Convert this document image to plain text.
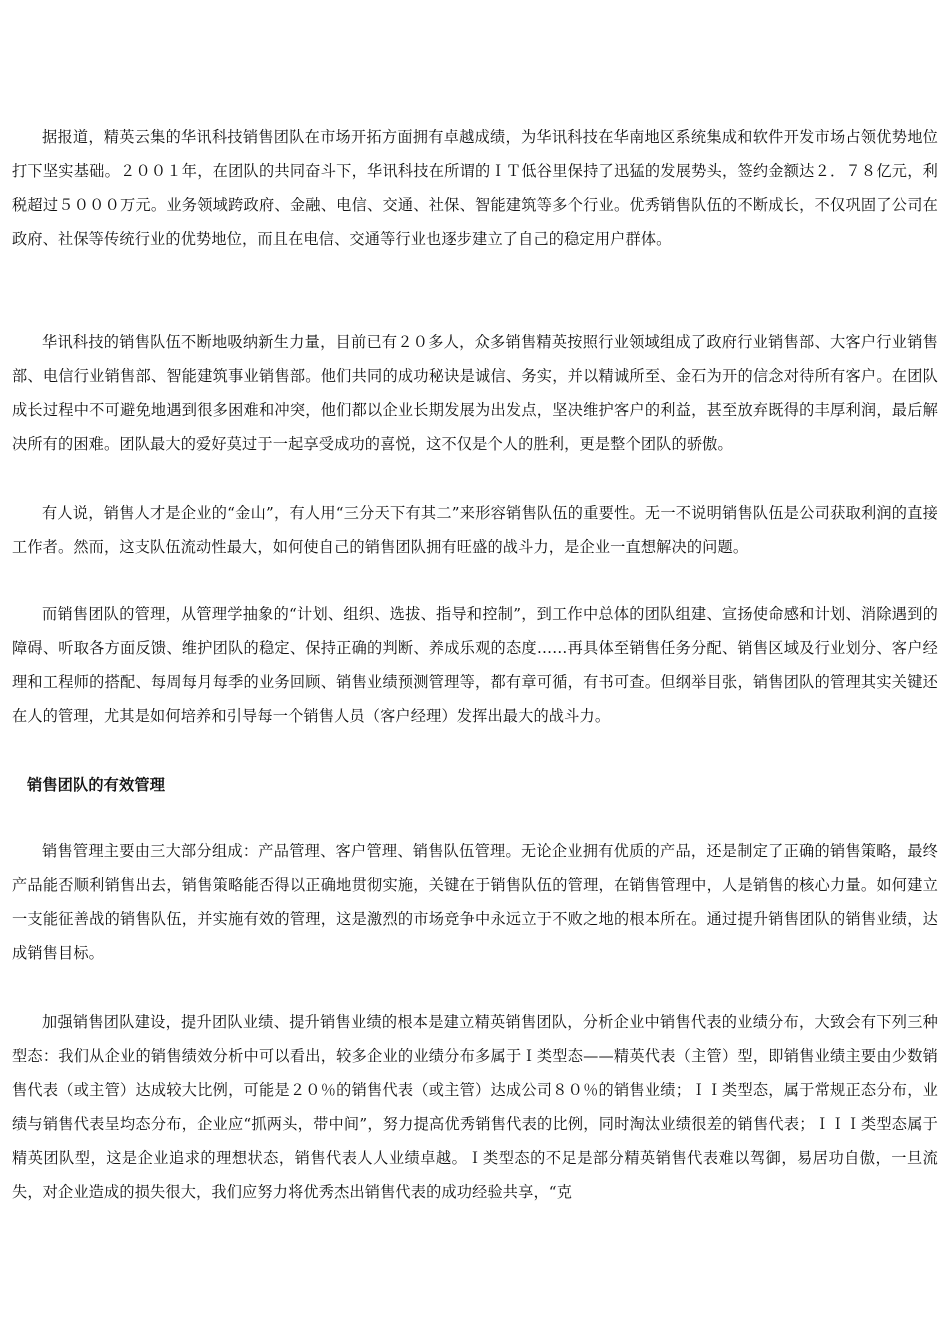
据报道，精英云集的华讯科技销售团队在市场开拓方面拥有卓越成绩，为华讯科技在华南地区系统集成和软件开发市场占领优势地位打下坚实基础。２００１年，在团队的共同奋斗下，华讯科技在所谓的ＩＴ低谷里保持了迅猛的发展势头，签约金额达２．７８亿元，利税超过５０００万元。业务领域跨政府、金融、电信、交通、社保、智能建筑等多个行业。优秀销售队伍的不断成长，不仅巩固了公司在政府、社保等传统行业的优势地位，而且在电信、交通等行业也逐步建立了自己的稳定用户群体。

华讯科技的销售队伍不断地吸纳新生力量，目前已有２０多人，众多销售精英按照行业领域组成了政府行业销售部、大客户行业销售部、电信行业销售部、智能建筑事业销售部。他们共同的成功秘诀是诚信、务实，并以精诚所至、金石为开的信念对待所有客户。在团队成长过程中不可避免地遇到很多困难和冲突，他们都以企业长期发展为出发点，坚决维护客户的利益，甚至放弃既得的丰厚利润，最后解决所有的困难。团队最大的爱好莫过于一起享受成功的喜悦，这不仅是个人的胜利，更是整个团队的骄傲。

有人说，销售人才是企业的“金山”，有人用“三分天下有其二”来形容销售队伍的重要性。无一不说明销售队伍是公司获取利润的直接工作者。然而，这支队伍流动性最大，如何使自己的销售团队拥有旺盛的战斗力，是企业一直想解决的问题。

而销售团队的管理，从管理学抽象的“计划、组织、选拔、指导和控制”，到工作中总体的团队组建、宣扬使命感和计划、消除遇到的障碍、听取各方面反馈、维护团队的稳定、保持正确的判断、养成乐观的态度……再具体至销售任务分配、销售区域及行业划分、客户经理和工程师的搭配、每周每月每季的业务回顾、销售业绩预测管理等，都有章可循，有书可查。但纲举目张，销售团队的管理其实关键还在人的管理，尤其是如何培养和引导每一个销售人员（客户经理）发挥出最大的战斗力。

销售团队的有效管理

销售管理主要由三大部分组成：产品管理、客户管理、销售队伍管理。无论企业拥有优质的产品，还是制定了正确的销售策略，最终产品能否顺利销售出去，销售策略能否得以正确地贯彻实施，关键在于销售队伍的管理，在销售管理中，人是销售的核心力量。如何建立一支能征善战的销售队伍，并实施有效的管理，这是激烈的市场竞争中永远立于不败之地的根本所在。通过提升销售团队的销售业绩，达成销售目标。

加强销售团队建设，提升团队业绩、提升销售业绩的根本是建立精英销售团队，分析企业中销售代表的业绩分布，大致会有下列三种型态：我们从企业的销售绩效分析中可以看出，较多企业的业绩分布多属于Ｉ类型态——精英代表（主管）型，即销售业绩主要由少数销售代表（或主管）达成较大比例，可能是２０％的销售代表（或主管）达成公司８０％的销售业绩；ＩＩ类型态，属于常规正态分布，业绩与销售代表呈均态分布，企业应“抓两头，带中间”，努力提高优秀销售代表的比例，同时淘汰业绩很差的销售代表；ＩＩＩ类型态属于精英团队型，这是企业追求的理想状态，销售代表人人业绩卓越。Ｉ类型态的不足是部分精英销售代表难以驾御，易居功自傲，一旦流失，对企业造成的损失很大，我们应努力将优秀杰出销售代表的成功经验共享，“克
